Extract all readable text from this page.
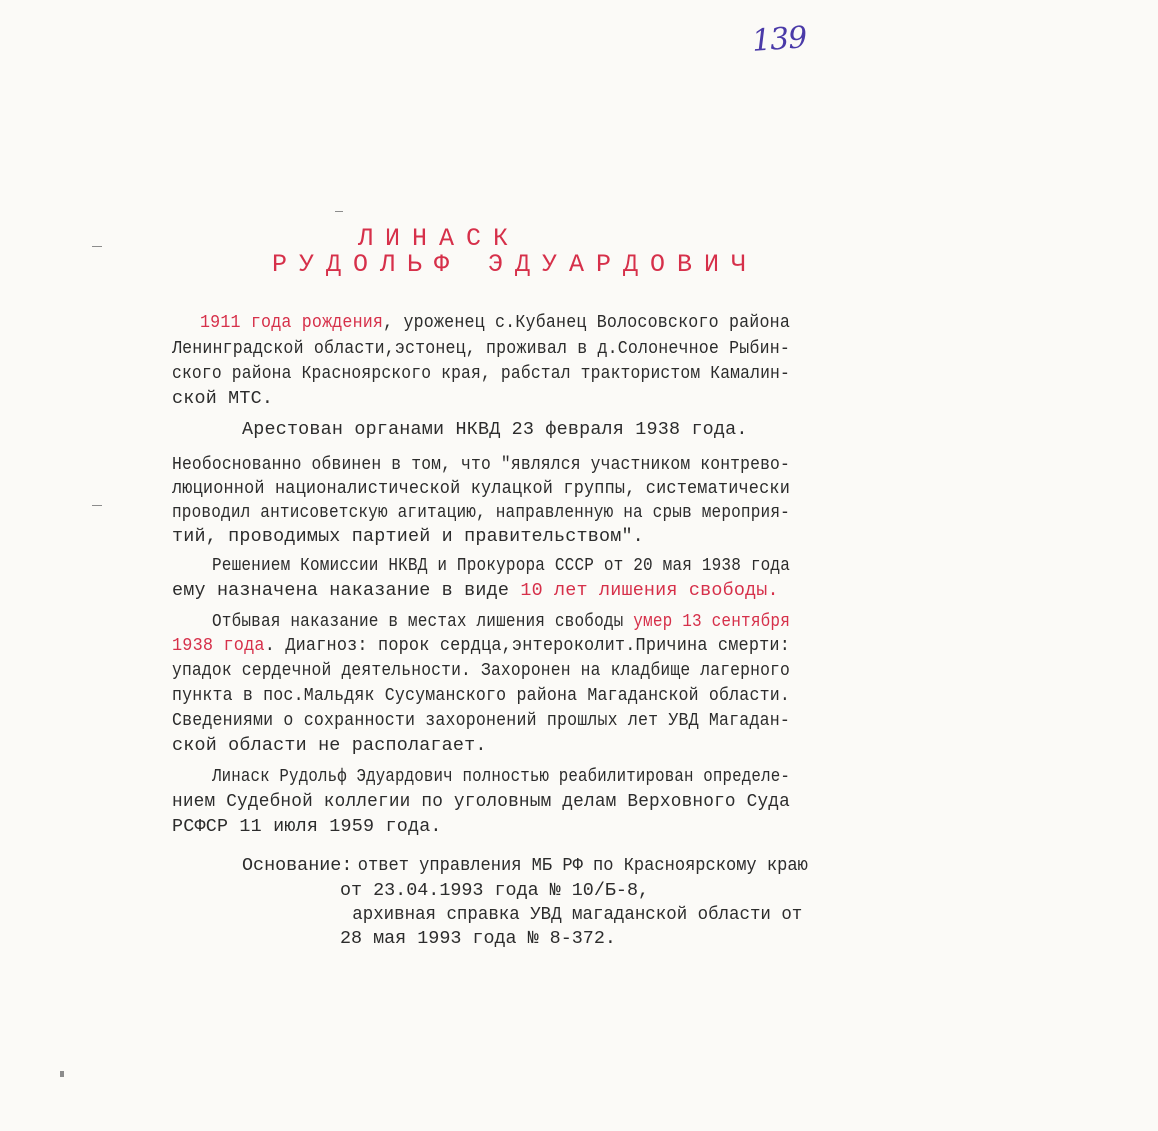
139
ЛИНАСК
РУДОЛЬФ ЭДУАРДОВИЧ
1911 года рождения, уроженец с.Кубанец Волосовского района
Ленинградской области,эстонец, проживал в д.Солонечное Рыбин-
ского района Красноярского края, рабстал трактористом Камалин-
ской МТС.
Арестован органами НКВД 23 февраля 1938 года.
Необоснованно обвинен в том, что "являлся участником контрево-
люционной националистической кулацкой группы, систематически
проводил антисоветскую агитацию, направленную на срыв мероприя-
тий, проводимых партией и правительством".
Решением Комиссии НКВД и Прокурора СССР от 20 мая 1938 года
ему назначена наказание в виде 10 лет лишения свободы.
Отбывая наказание в местах лишения свободы умер 13 сентября
1938 года. Диагноз: порок сердца,энтероколит.Причина смерти:
упадок сердечной деятельности. Захоронен на кладбище лагерного
пункта в пос.Мальдяк Сусуманского района Магаданской области.
Сведениями о сохранности захоронений прошлых лет УВД Магадан-
ской области не располагает.
Линаск Рудольф Эдуардович полностью реабилитирован определе-
нием Судебной коллегии по уголовным делам Верховного Суда
РСФСР 11 июля 1959 года.
Основание: ответ управления МБ РФ по Красноярскому краю
от 23.04.1993 года № 10/Б-8,
архивная справка УВД магаданской области от
28 мая 1993 года № 8-372.
